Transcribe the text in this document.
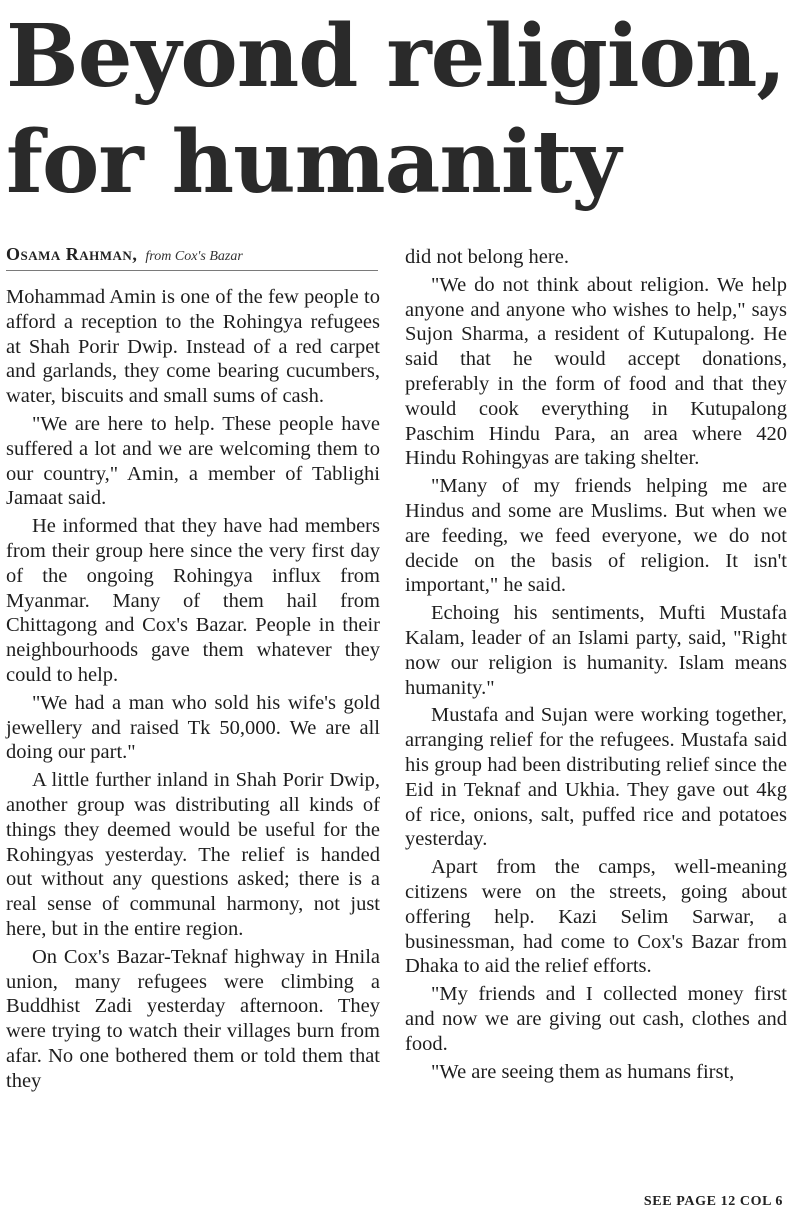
Beyond religion,
for humanity
Osama Rahman, from Cox's Bazar

Mohammad Amin is one of the few people to afford a reception to the Rohingya refugees at Shah Porir Dwip. Instead of a red carpet and garlands, they come bearing cucumbers, water, biscuits and small sums of cash.

"We are here to help. These people have suffered a lot and we are welcoming them to our country," Amin, a member of Tablighi Jamaat said.

He informed that they have had members from their group here since the very first day of the ongoing Rohingya influx from Myanmar. Many of them hail from Chittagong and Cox's Bazar. People in their neighbourhoods gave them whatever they could to help.

"We had a man who sold his wife's gold jewellery and raised Tk 50,000. We are all doing our part."

A little further inland in Shah Porir Dwip, another group was distributing all kinds of things they deemed would be useful for the Rohingyas yesterday. The relief is handed out without any questions asked; there is a real sense of communal harmony, not just here, but in the entire region.

On Cox's Bazar-Teknaf highway in Hnila union, many refugees were climbing a Buddhist Zadi yesterday afternoon. They were trying to watch their villages burn from afar. No one bothered them or told them that they

did not belong here.

"We do not think about religion. We help anyone and anyone who wishes to help," says Sujon Sharma, a resident of Kutupalong. He said that he would accept donations, preferably in the form of food and that they would cook everything in Kutupalong Paschim Hindu Para, an area where 420 Hindu Rohingyas are taking shelter.

"Many of my friends helping me are Hindus and some are Muslims. But when we are feeding, we feed everyone, we do not decide on the basis of religion. It isn't important," he said.

Echoing his sentiments, Mufti Mustafa Kalam, leader of an Islami party, said, "Right now our religion is humanity. Islam means humanity."

Mustafa and Sujan were working together, arranging relief for the refugees. Mustafa said his group had been distributing relief since the Eid in Teknaf and Ukhia. They gave out 4kg of rice, onions, salt, puffed rice and potatoes yesterday.

Apart from the camps, well-meaning citizens were on the streets, going about offering help. Kazi Selim Sarwar, a businessman, had come to Cox's Bazar from Dhaka to aid the relief efforts.

"My friends and I collected money first and now we are giving out cash, clothes and food.

"We are seeing them as humans first,

SEE PAGE 12 COL 6
